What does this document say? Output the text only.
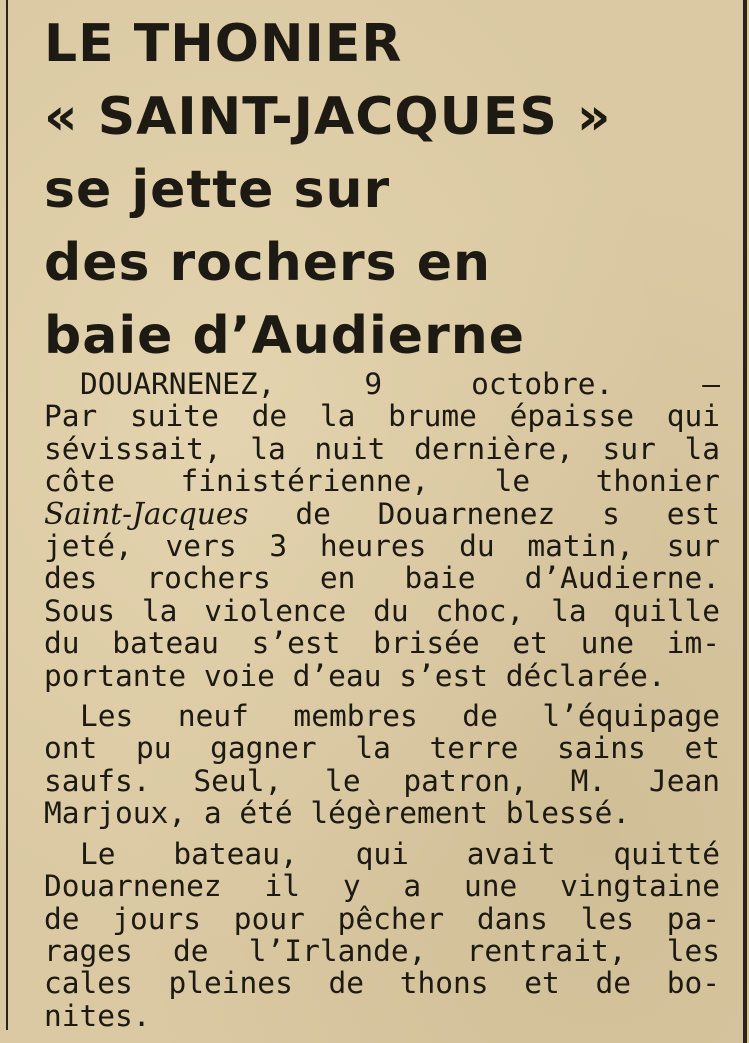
LE THONIER
« SAINT-JACQUES »
se jette sur
des rochers en
baie d’Audierne
DOUARNENEZ, 9 octobre. —
Par suite de la brume épaisse qui
sévissait, la nuit dernière, sur la
côte finistérienne, le thonier
Saint-Jacques de Douarnenez s est
jeté, vers 3 heures du matin, sur
des rochers en baie d’Audierne.
Sous la violence du choc, la quille
du bateau s’est brisée et une im-
portante voie d’eau s’est déclarée.
Les neuf membres de l’équipage
ont pu gagner la terre sains et
saufs. Seul, le patron, M. Jean
Marjoux, a été légèrement blessé.
Le bateau, qui avait quitté
Douarnenez il y a une vingtaine
de jours pour pêcher dans les pa-
rages de l’Irlande, rentrait, les
cales pleines de thons et de bo-
nites.
